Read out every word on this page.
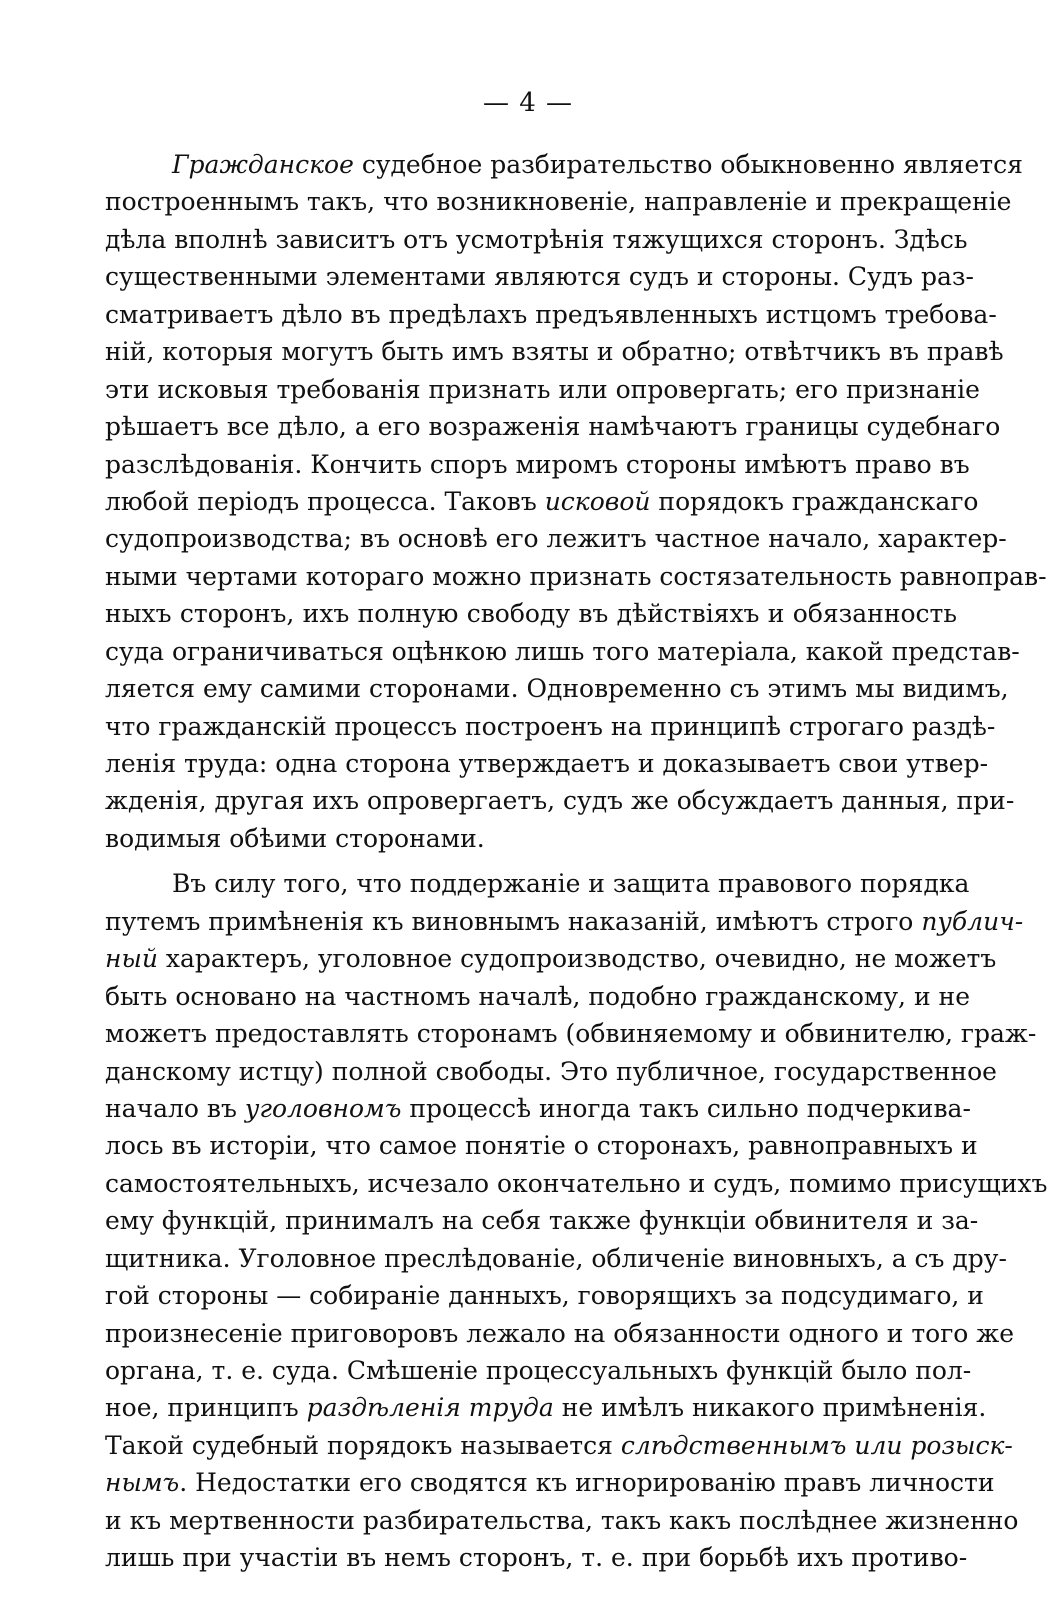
— 4 —
Гражданское судебное разбирательство обыкновенно является
построеннымъ такъ, что возникновеніе, направленіе и прекращеніе
дѣла вполнѣ зависитъ отъ усмотрѣнія тяжущихся сторонъ. Здѣсь
существенными элементами являются судъ и стороны. Судъ раз-
сматриваетъ дѣло въ предѣлахъ предъявленныхъ истцомъ требова-
ній, которыя могутъ быть имъ взяты и обратно; отвѣтчикъ въ правѣ
эти исковыя требованія признать или опровергать; его признаніе
рѣшаетъ все дѣло, а его возраженія намѣчаютъ границы судебнаго
разслѣдованія. Кончить споръ миромъ стороны имѣютъ право въ
любой періодъ процесса. Таковъ исковой порядокъ гражданскаго
судопроизводства; въ основѣ его лежитъ частное начало, характер-
ными чертами котораго можно признать состязательность равноправ-
ныхъ сторонъ, ихъ полную свободу въ дѣйствіяхъ и обязанность
суда ограничиваться оцѣнкою лишь того матеріала, какой представ-
ляется ему самими сторонами. Одновременно съ этимъ мы видимъ,
что гражданскій процессъ построенъ на принципѣ строгаго раздѣ-
ленія труда: одна сторона утверждаетъ и доказываетъ свои утвер-
жденія, другая ихъ опровергаетъ, судъ же обсуждаетъ данныя, при-
водимыя обѣими сторонами.
Въ силу того, что поддержаніе и защита правового порядка
путемъ примѣненія къ виновнымъ наказаній, имѣютъ строго публич-
ный характеръ, уголовное судопроизводство, очевидно, не можетъ
быть основано на частномъ началѣ, подобно гражданскому, и не
можетъ предоставлять сторонамъ (обвиняемому и обвинителю, граж-
данскому истцу) полной свободы. Это публичное, государственное
начало въ уголовномъ процессѣ иногда такъ сильно подчеркива-
лось въ исторіи, что самое понятіе о сторонахъ, равноправныхъ и
самостоятельныхъ, исчезало окончательно и судъ, помимо присущихъ
ему функцій, принималъ на себя также функціи обвинителя и за-
щитника. Уголовное преслѣдованіе, обличеніе виновныхъ, а съ дру-
гой стороны — собираніе данныхъ, говорящихъ за подсудимаго, и
произнесеніе приговоровъ лежало на обязанности одного и того же
органа, т. е. суда. Смѣшеніе процессуальныхъ функцій было пол-
ное, принципъ раздѣленія труда не имѣлъ никакого примѣненія.
Такой судебный порядокъ называется слѣдственнымъ или розыск-
нымъ. Недостатки его сводятся къ игнорированію правъ личности
и къ мертвенности разбирательства, такъ какъ послѣднее жизненно
лишь при участіи въ немъ сторонъ, т. е. при борьбѣ ихъ противо-
